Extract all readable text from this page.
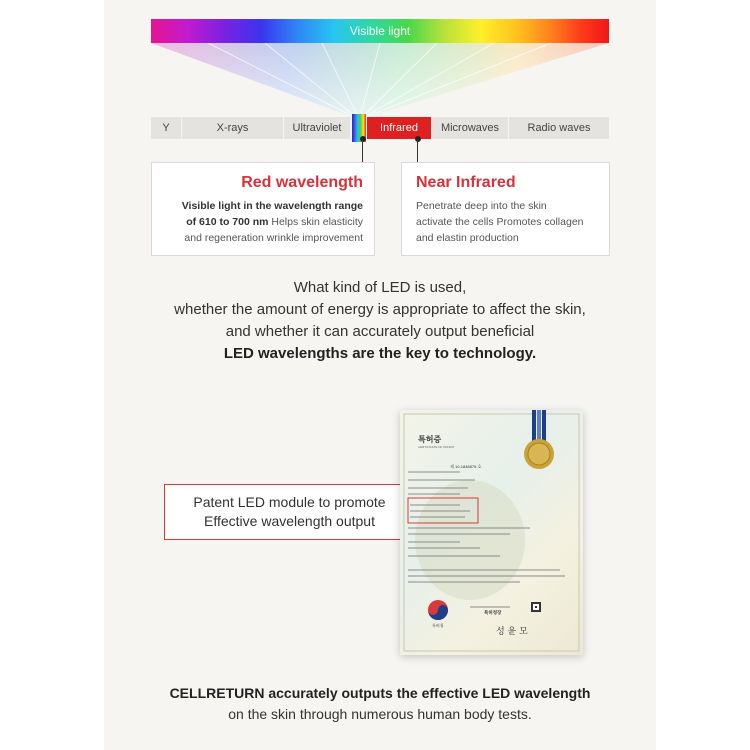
Visible light
Y	X-rays	Ultraviolet	Infrared	Microwaves	Radio waves
Red wavelength
Visible light in the wavelength range
of 610 to 700 nm Helps skin elasticity
and regeneration wrinkle improvement
Near Infrared
Penetrate deep into the skin
activate the cells Promotes collagen
and elastin production
What kind of LED is used,
whether the amount of energy is appropriate to affect the skin,
and whether it can accurately output beneficial
LED wavelengths are the key to technology.
Patent LED module to promote
Effective wavelength output
특허증
CERTIFICATE OF PATENT
제 10-1848875 호
특허청
특허청장
성 윤 모
CELLRETURN accurately outputs the effective LED wavelength
on the skin through numerous human body tests.
